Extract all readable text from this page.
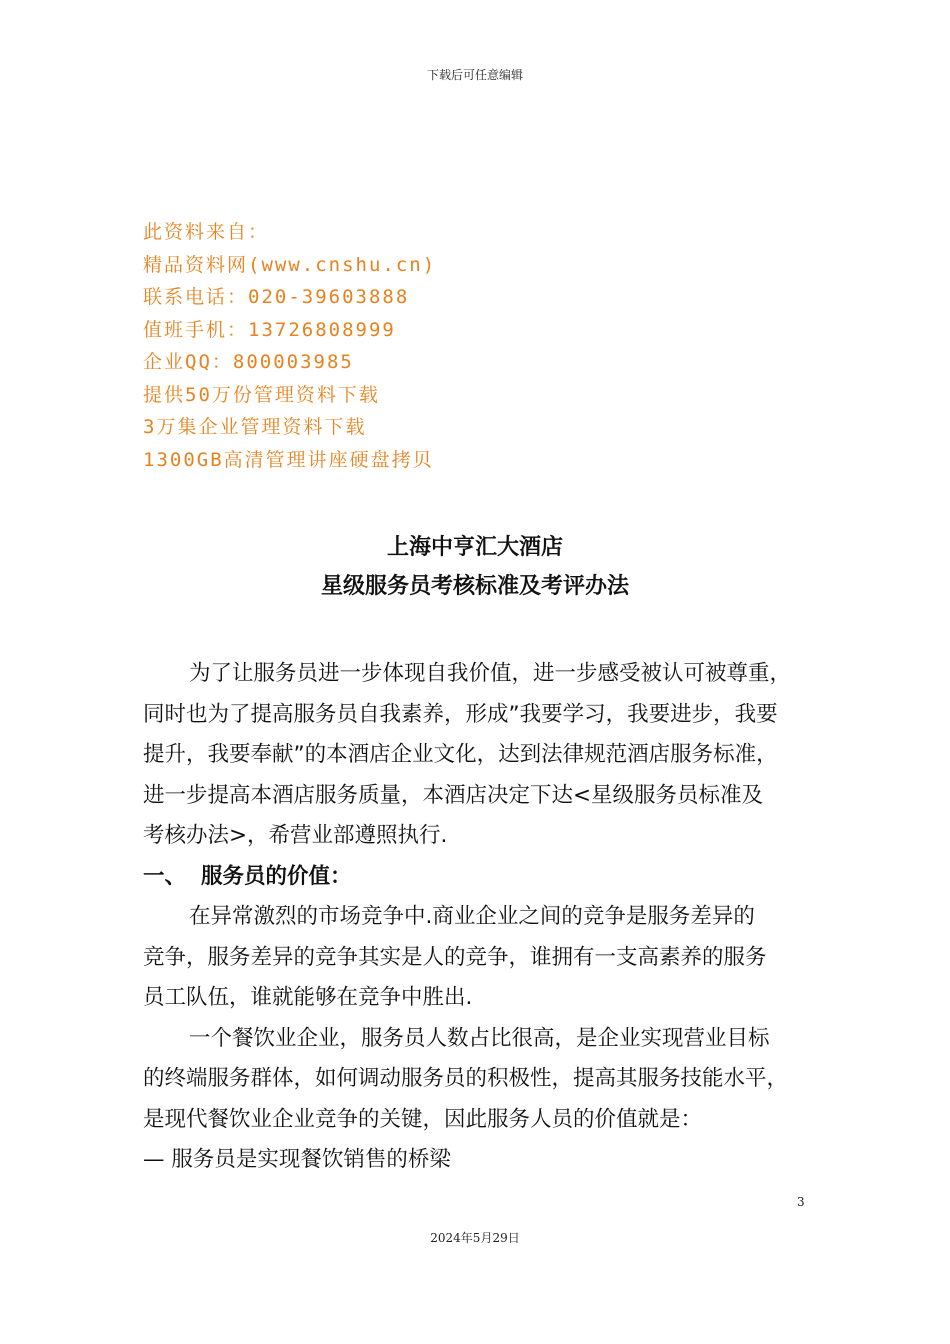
下载后可任意编辑
此资料来自：
精品资料网(www.cnshu.cn)
联系电话：020-39603888
值班手机：13726808999
企业QQ：800003985
提供50万份管理资料下载
3万集企业管理资料下载
1300GB高清管理讲座硬盘拷贝
上海中亨汇大酒店
星级服务员考核标准及考评办法
为了让服务员进一步体现自我价值，进一步感受被认可被尊重，
同时也为了提高服务员自我素养，形成”我要学习，我要进步，我要
提升，我要奉献”的本酒店企业文化，达到法律规范酒店服务标准，
进一步提高本酒店服务质量，本酒店决定下达<星级服务员标准及
考核办法>，希营业部遵照执行.
一、 服务员的价值：
在异常激烈的市场竞争中.商业企业之间的竞争是服务差异的
竞争，服务差异的竞争其实是人的竞争，谁拥有一支高素养的服务
员工队伍，谁就能够在竞争中胜出.
一个餐饮业企业，服务员人数占比很高，是企业实现营业目标
的终端服务群体，如何调动服务员的积极性，提高其服务技能水平，
是现代餐饮业企业竞争的关键，因此服务人员的价值就是：
— 服务员是实现餐饮销售的桥梁
3
2024年5月29日
